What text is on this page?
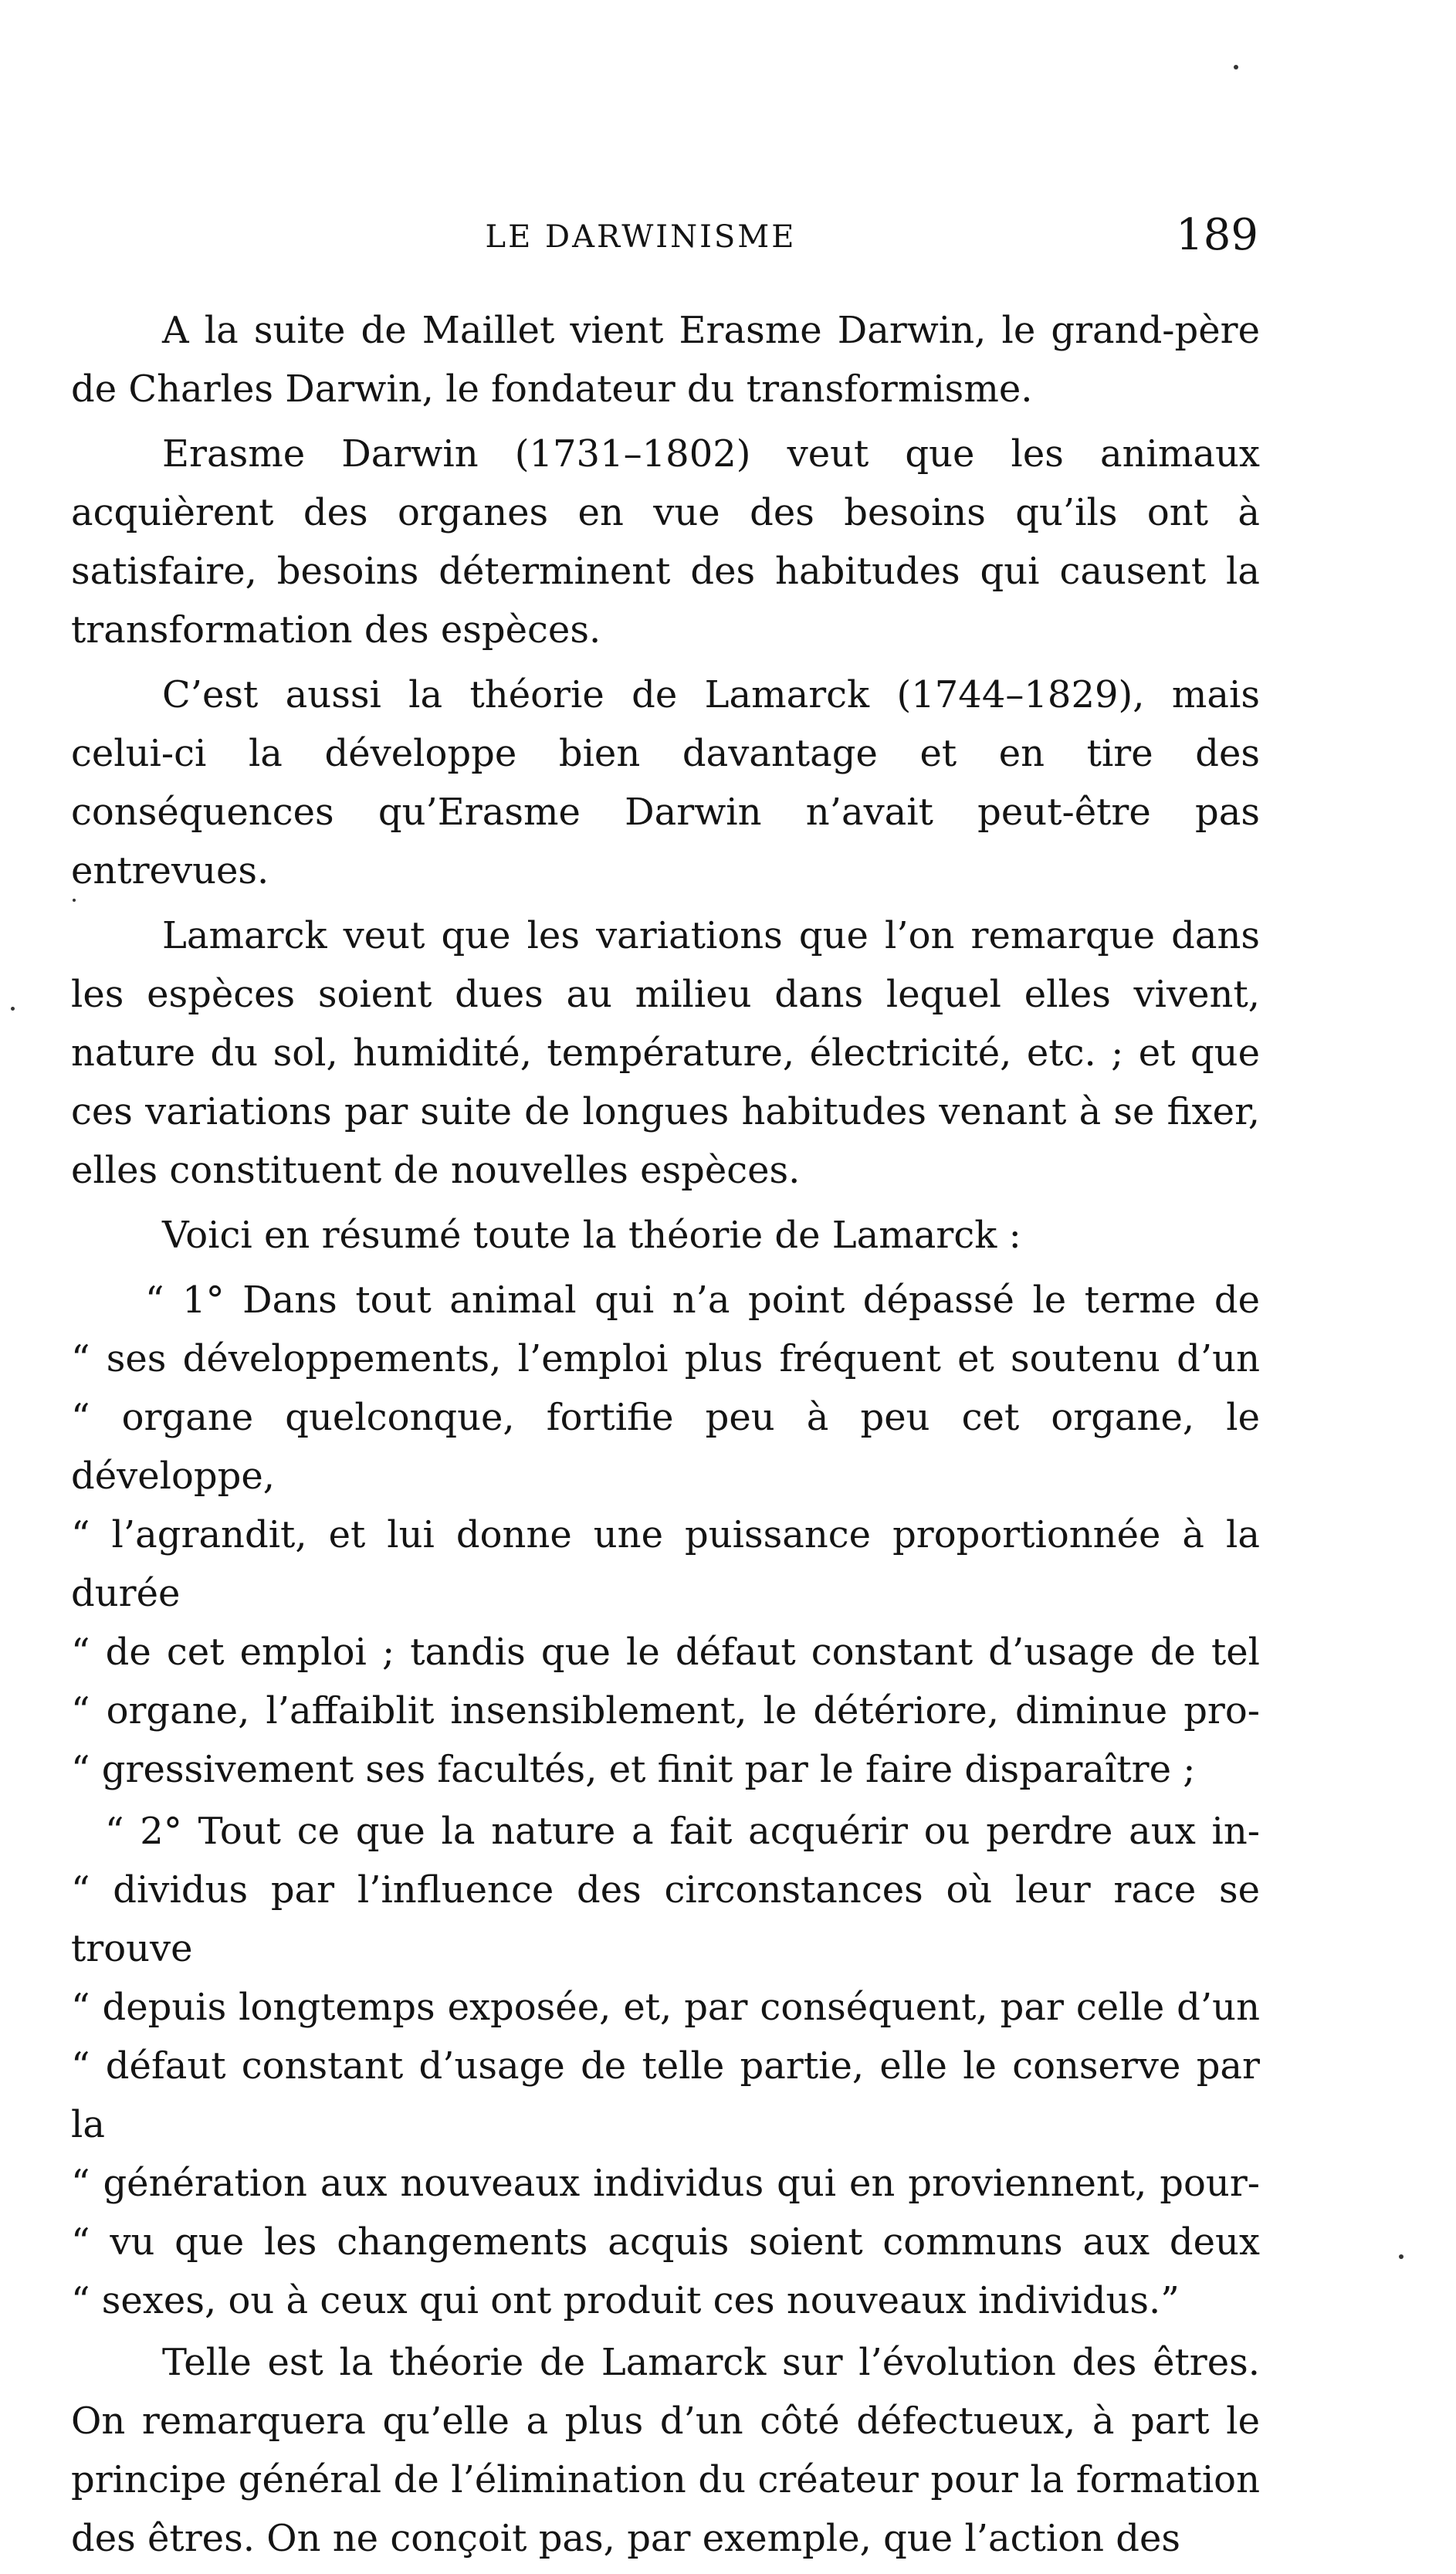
LE DARWINISME	189

A la suite de Maillet vient Erasme Darwin, le grand-père de Charles Darwin, le fondateur du transformisme.

Erasme Darwin (1731–1802) veut que les animaux acquièrent des organes en vue des besoins qu’ils ont à satisfaire, besoins déterminent des habitudes qui causent la transformation des espèces.

C’est aussi la théorie de Lamarck (1744–1829), mais celui-ci la développe bien davantage et en tire des conséquences qu’Erasme Darwin n’avait peut-être pas entrevues.

Lamarck veut que les variations que l’on remarque dans les espèces soient dues au milieu dans lequel elles vivent, nature du sol, humidité, température, électricité, etc. ; et que ces variations par suite de longues habitudes venant à se fixer, elles constituent de nouvelles espèces.

Voici en résumé toute la théorie de Lamarck :

“ 1° Dans tout animal qui n’a point dépassé le terme de

“ ses développements, l’emploi plus fréquent et soutenu d’un

“ organe quelconque, fortifie peu à peu cet organe, le développe,

“ l’agrandit, et lui donne une puissance proportionnée à la durée

“ de cet emploi ; tandis que le défaut constant d’usage de tel

“ organe, l’affaiblit insensiblement, le détériore, diminue pro-

“ gressivement ses facultés, et finit par le faire disparaître ;

“ 2° Tout ce que la nature a fait acquérir ou perdre aux in-

“ dividus par l’influence des circonstances où leur race se trouve

“ depuis longtemps exposée, et, par conséquent, par celle d’un

“ défaut constant d’usage de telle partie, elle le conserve par la

“ génération aux nouveaux individus qui en proviennent, pour-

“ vu que les changements acquis soient communs aux deux

“ sexes, ou à ceux qui ont produit ces nouveaux individus.”

Telle est la théorie de Lamarck sur l’évolution des êtres. On remarquera qu’elle a plus d’un côté défectueux, à part le principe général de l’élimination du créateur pour la formation des êtres. On ne conçoit pas, par exemple, que l’action des
